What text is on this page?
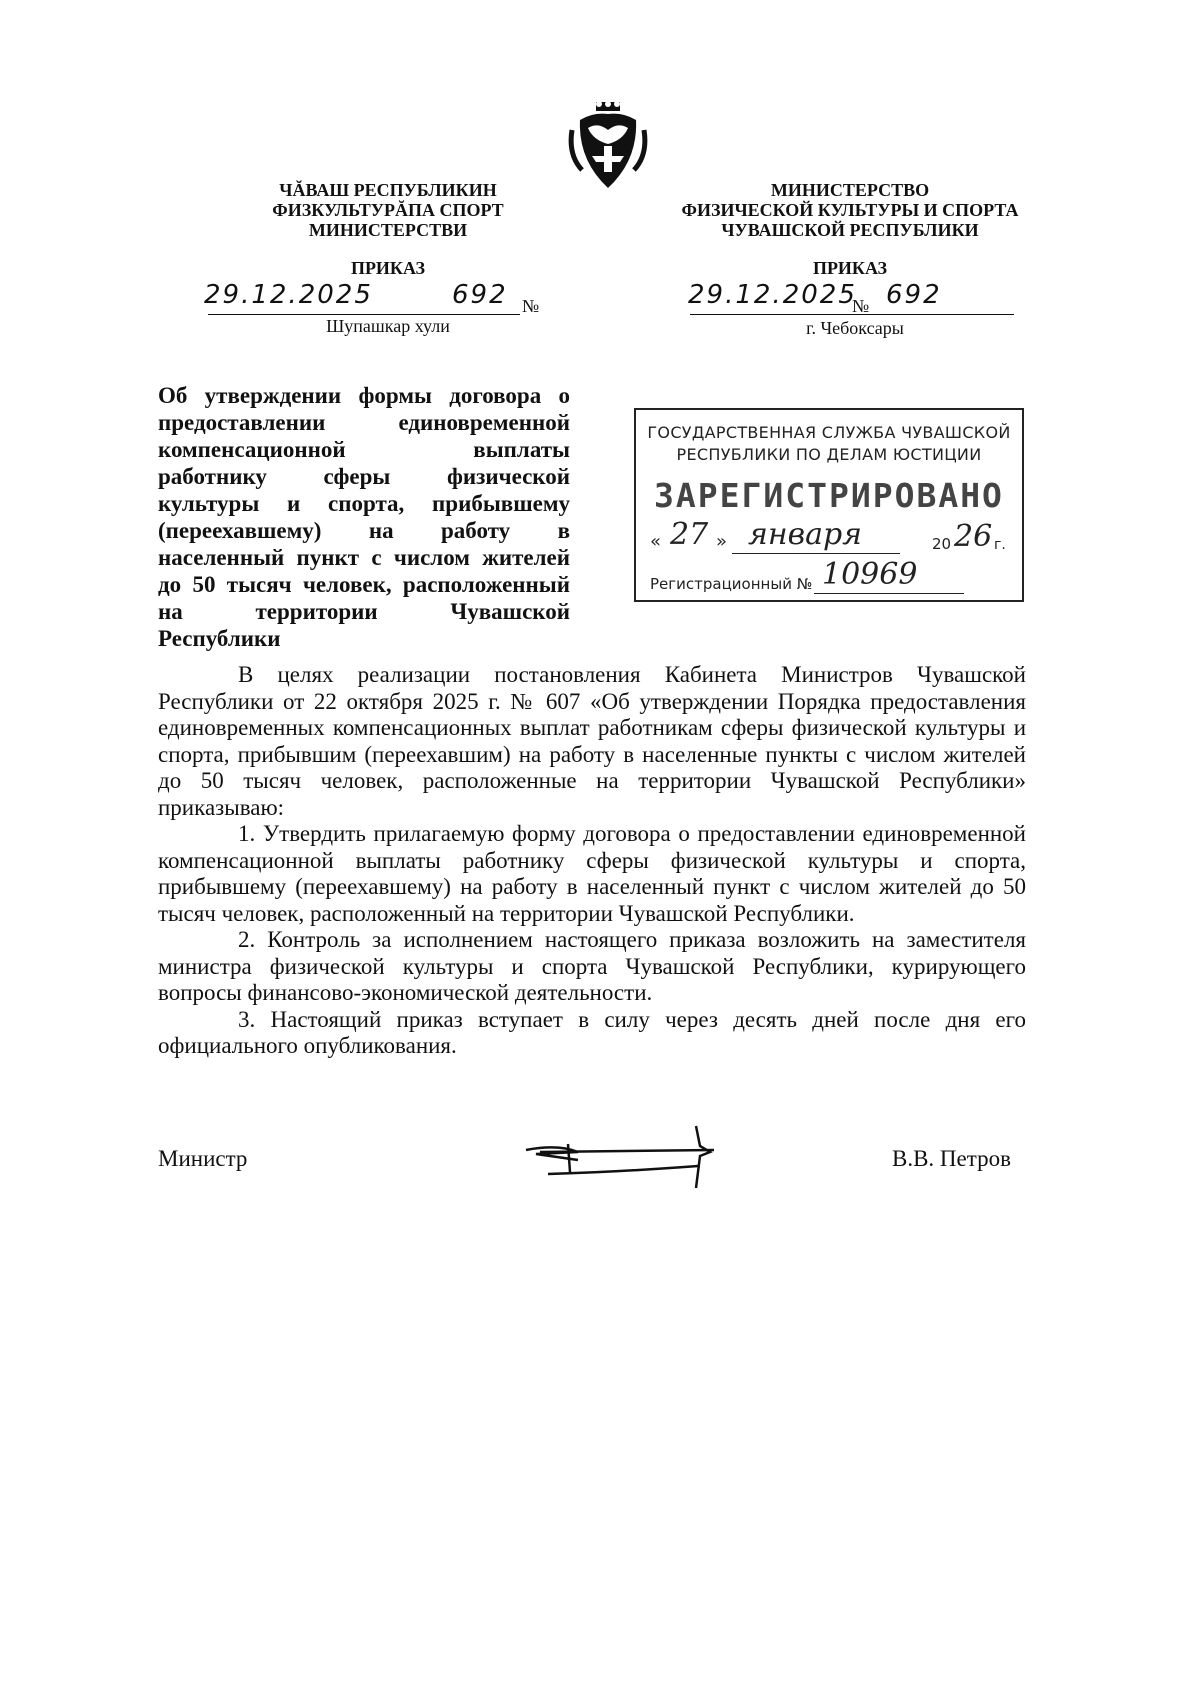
ЧĂВАШ РЕСПУБЛИКИН
ФИЗКУЛЬТУРĂПА СПОРТ
МИНИСТЕРСТВИ
ПРИКАЗ
29.12.2025	692 №
Шупашкар хули
МИНИСТЕРСТВО
ФИЗИЧЕСКОЙ КУЛЬТУРЫ И СПОРТА
ЧУВАШСКОЙ РЕСПУБЛИКИ
ПРИКАЗ
29.12.2025
№ 692
г. Чебоксары
Об утверждении формы договора о
предоставлении единовременной
компенсационной выплаты
работнику сферы физической
культуры и спорта, прибывшему
(переехавшему) на работу в
населенный пункт с числом жителей
до 50 тысяч человек, расположенный
на территории Чувашской
Республики
ГОСУДАРСТВЕННАЯ СЛУЖБА ЧУВАШСКОЙ
РЕСПУБЛИКИ ПО ДЕЛАМ ЮСТИЦИИ
ЗАРЕГИСТРИРОВАНО
« 27 » января	20 26 г.
Регистрационный № 10969

В целях реализации постановления Кабинета Министров Чувашской Республики от 22 октября 2025 г. № 607 «Об утверждении Порядка предоставления единовременных компенсационных выплат работникам сферы физической культуры и спорта, прибывшим (переехавшим) на работу в населенные пункты с числом жителей до 50 тысяч человек, расположенные на территории Чувашской Республики» приказываю:

1. Утвердить прилагаемую форму договора о предоставлении единовременной компенсационной выплаты работнику сферы физической культуры и спорта, прибывшему (переехавшему) на работу в населенный пункт с числом жителей до 50 тысяч человек, расположенный на территории Чувашской Республики.

2. Контроль за исполнением настоящего приказа возложить на заместителя министра физической культуры и спорта Чувашской Республики, курирующего вопросы финансово-экономической деятельности.

3. Настоящий приказ вступает в силу через десять дней после дня его официального опубликования.

Министр	В.В. Петров
